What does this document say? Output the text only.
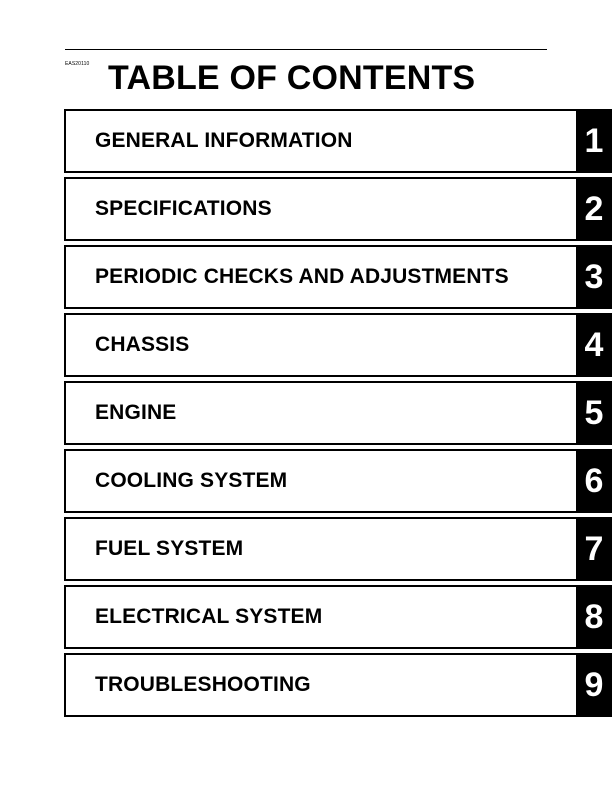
EAS20110 TABLE OF CONTENTS
GENERAL INFORMATION	1
SPECIFICATIONS	2
PERIODIC CHECKS AND ADJUSTMENTS 3
CHASSIS	4
ENGINE	5
COOLING SYSTEM	6
FUEL SYSTEM	7
ELECTRICAL SYSTEM	8
TROUBLESHOOTING	9
